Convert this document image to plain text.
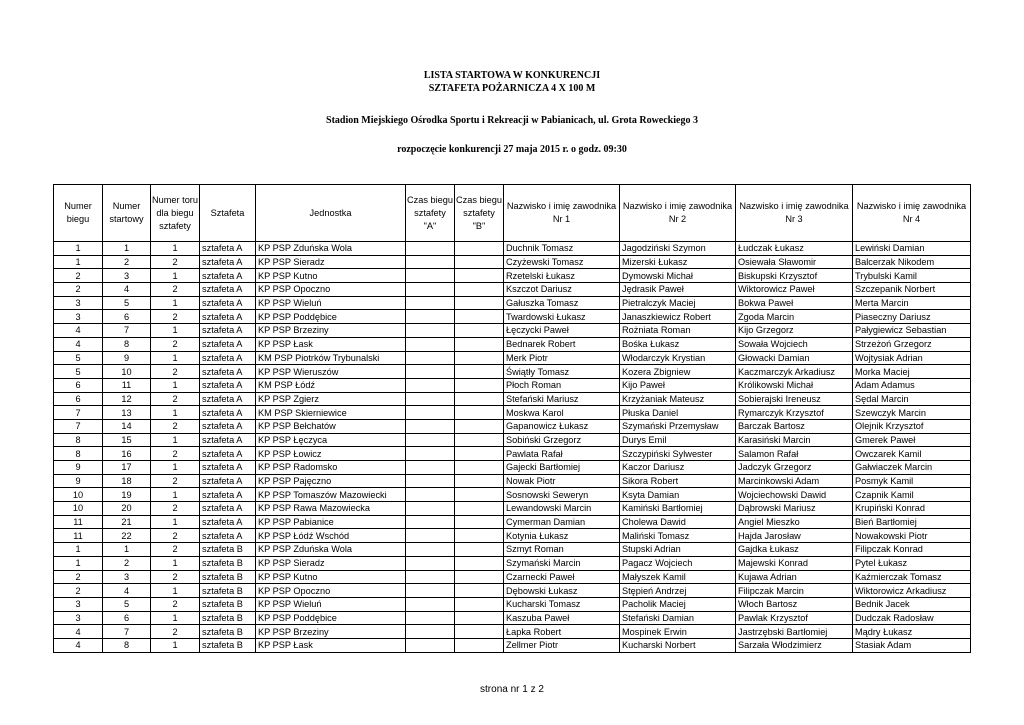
LISTA STARTOWA W KONKURENCJI
SZTAFETA POŻARNICZA 4 X 100 M
Stadion Miejskiego Ośrodka Sportu i Rekreacji w Pabianicach, ul. Grota Roweckiego 3
rozpoczęcie konkurencji 27 maja 2015 r. o godz. 09:30
Numer biegu	Numer startowy	Numer toru dla biegu sztafety	Sztafeta	Jednostka	Czas biegu sztafety "A"	Czas biegu sztafety "B"	Nazwisko i imię zawodnika Nr 1	Nazwisko i imię zawodnika Nr 2	Nazwisko i imię zawodnika Nr 3	Nazwisko i imię zawodnika Nr 4
1	1	1	sztafeta A	KP PSP Zduńska Wola			Duchnik Tomasz	Jagodziński Szymon	Łudczak Łukasz	Lewiński Damian
1	2	2	sztafeta A	KP PSP Sieradz			Czyżewski Tomasz	Mizerski Łukasz	Osiewała Sławomir	Balcerzak Nikodem
2	3	1	sztafeta A	KP PSP Kutno			Rzetelski Łukasz	Dymowski Michał	Biskupski Krzysztof	Trybulski Kamil
2	4	2	sztafeta A	KP PSP Opoczno			Kszczot Dariusz	Jędrasik Paweł	Wiktorowicz Paweł	Szczepanik Norbert
3	5	1	sztafeta A	KP PSP Wieluń			Gałuszka Tomasz	Pietralczyk Maciej	Bokwa Paweł	Merta Marcin
3	6	2	sztafeta A	KP PSP Poddębice			Twardowski Łukasz	Janaszkiewicz Robert	Zgoda Marcin	Piaseczny Dariusz
4	7	1	sztafeta A	KP PSP Brzeziny			Łęczycki Paweł	Rożniata Roman	Kijo Grzegorz	Pałygiewicz Sebastian
4	8	2	sztafeta A	KP PSP Łask			Bednarek Robert	Bośka Łukasz	Sowała Wojciech	Strzeżoń Grzegorz
5	9	1	sztafeta A	KM PSP Piotrków Trybunalski			Merk Piotr	Włodarczyk Krystian	Głowacki Damian	Wojtysiak Adrian
5	10	2	sztafeta A	KP PSP Wieruszów			Świątły Tomasz	Kozera Zbigniew	Kaczmarczyk Arkadiusz	Morka Maciej
6	11	1	sztafeta A	KM PSP Łódź			Płoch Roman	Kijo Paweł	Królikowski Michał	Adam Adamus
6	12	2	sztafeta A	KP PSP Zgierz			Stefański Mariusz	Krzyżaniak Mateusz	Sobierajski Ireneusz	Sędal Marcin
7	13	1	sztafeta A	KM PSP Skierniewice			Moskwa Karol	Płuska Daniel	Rymarczyk Krzysztof	Szewczyk Marcin
7	14	2	sztafeta A	KP PSP Bełchatów			Gapanowicz Łukasz	Szymański Przemysław	Barczak Bartosz	Olejnik Krzysztof
8	15	1	sztafeta A	KP PSP Łęczyca			Sobiński Grzegorz	Durys Emil	Karasiński Marcin	Gmerek Paweł
8	16	2	sztafeta A	KP PSP Łowicz			Pawlata Rafał	Szczypiński Sylwester	Salamon Rafał	Owczarek Kamil
9	17	1	sztafeta A	KP PSP Radomsko			Gajecki Bartłomiej	Kaczor Dariusz	Jadczyk Grzegorz	Gałwiaczek Marcin
9	18	2	sztafeta A	KP PSP Pajęczno			Nowak Piotr	Sikora Robert	Marcinkowski Adam	Posmyk Kamil
10	19	1	sztafeta A	KP PSP Tomaszów Mazowiecki			Sosnowski Seweryn	Ksyta Damian	Wojciechowski Dawid	Czapnik Kamil
10	20	2	sztafeta A	KP PSP Rawa Mazowiecka			Lewandowski Marcin	Kamiński Bartłomiej	Dąbrowski Mariusz	Krupiński Konrad
11	21	1	sztafeta A	KP PSP Pabianice			Cymerman Damian	Cholewa Dawid	Angiel Mieszko	Bień Bartłomiej
11	22	2	sztafeta A	KP PSP Łódź Wschód			Kotynia Łukasz	Maliński Tomasz	Hajda Jarosław	Nowakowski Piotr
1	1	2	sztafeta B	KP PSP Zduńska Wola			Szmyt Roman	Stupski Adrian	Gajdka Łukasz	Filipczak Konrad
1	2	1	sztafeta B	KP PSP Sieradz			Szymański Marcin	Pagacz Wojciech	Majewski Konrad	Pytel Łukasz
2	3	2	sztafeta B	KP PSP Kutno			Czarnecki Paweł	Małyszek Kamil	Kujawa Adrian	Kaźmierczak Tomasz
2	4	1	sztafeta B	KP PSP Opoczno			Dębowski Łukasz	Stępień Andrzej	Filipczak Marcin	Wiktorowicz Arkadiusz
3	5	2	sztafeta B	KP PSP Wieluń			Kucharski Tomasz	Pacholik Maciej	Włoch Bartosz	Bednik Jacek
3	6	1	sztafeta B	KP PSP Poddębice			Kaszuba Paweł	Stefański Damian	Pawlak Krzysztof	Dudczak Radosław
4	7	2	sztafeta B	KP PSP Brzeziny			Łapka Robert	Mospinek Erwin	Jastrzębski Bartłomiej	Mądry Łukasz
4	8	1	sztafeta B	KP PSP Łask			Zellmer Piotr	Kucharski Norbert	Sarzała Włodzimierz	Stasiak Adam
strona nr 1 z 2
